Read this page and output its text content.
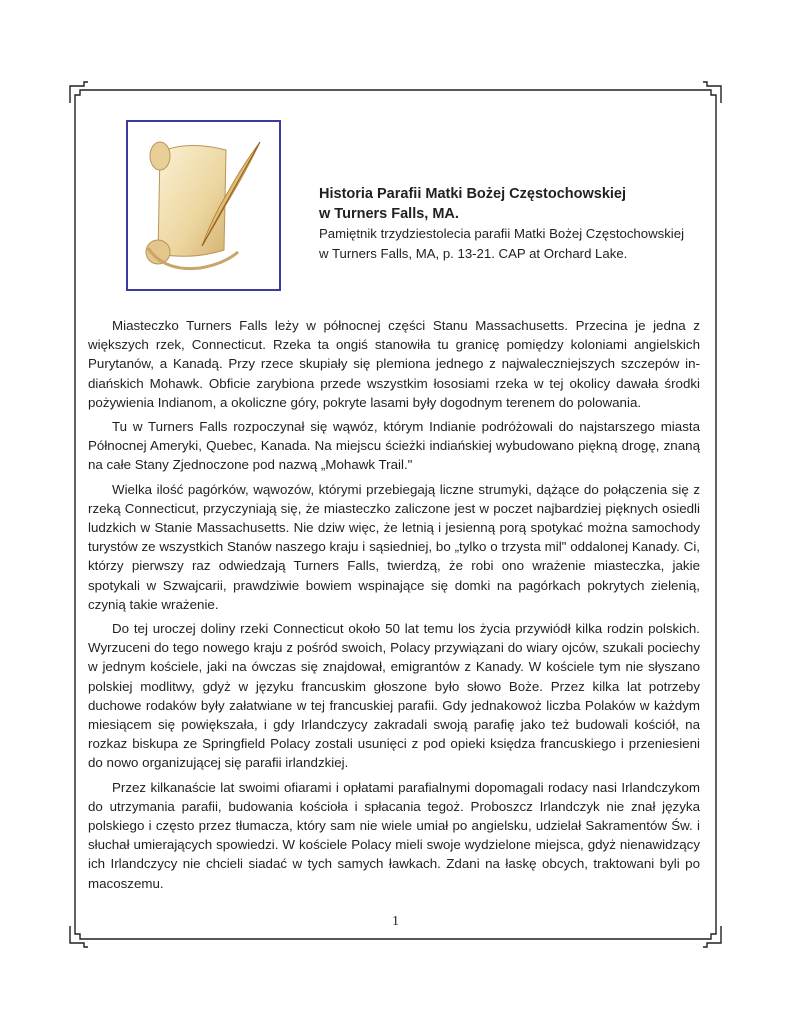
Historia Parafii Matki Bożej Częstochowskiej
w Turners Falls, MA.
Pamiętnik trzydziestolecia parafii Matki Bożej Częstochowskiej
w Turners Falls, MA, p. 13-21. CAP at Orchard Lake.

Miasteczko Turners Falls leży w północnej części Stanu Massachusetts. Przecina je jedna z większych rzek, Connecticut. Rzeka ta ongiś stanowiła tu granicę pomiędzy koloniami angielskich Purytanów, a Kanadą. Przy rzece skupiały się plemiona jednego z najwaleczniejszych szczepów indiańskich Mohawk. Obficie zarybiona przede wszystkim łososiami rzeka w tej okolicy dawała środki pożywienia Indianom, a okoliczne góry, pokryte lasami były dogodnym terenem do polowania.

Tu w Turners Falls rozpoczynał się wąwóz, którym Indianie podróżowali do najstarszego miasta Północnej Ameryki, Quebec, Kanada. Na miejscu ścieżki indiańskiej wybudowano piękną drogę, znaną na całe Stany Zjednoczone pod nazwą „Mohawk Trail."

Wielka ilość pagórków, wąwozów, którymi przebiegają liczne strumyki, dążące do połączenia się z rzeką Connecticut, przyczyniają się, że miasteczko zaliczone jest w poczet najbardziej pięknych osiedli ludzkich w Stanie Massachusetts. Nie dziw więc, że letnią i jesienną porą spotykać można samochody turystów ze wszystkich Stanów naszego kraju i sąsiedniej, bo „tylko o trzysta mil" oddalonej Kanady. Ci, którzy pierwszy raz odwiedzają Turners Falls, twierdzą, że robi ono wrażenie miasteczka, jakie spotykali w Szwajcarii, prawdziwie bowiem wspinające się domki na pagórkach pokrytych zielenią, czynią takie wrażenie.

Do tej uroczej doliny rzeki Connecticut około 50 lat temu los życia przywiódł kilka rodzin polskich. Wyrzuceni do tego nowego kraju z pośród swoich, Polacy przywiązani do wiary ojców, szukali pociechy w jednym kościele, jaki na ówczas się znajdował, emigrantów z Kanady. W kościele tym nie słyszano polskiej modlitwy, gdyż w języku francuskim głoszone było słowo Boże. Przez kilka lat potrzeby duchowe rodaków były załatwiane w tej francuskiej parafii. Gdy jednakowoż liczba Polaków w każdym miesiącem się powiększała, i gdy Irlandczycy zakradali swoją parafię jako też budowali kościół, na rozkaz biskupa ze Springfield Polacy zostali usunięci z pod opieki księdza francuskiego i przeniesieni do nowo organizującej się parafii irlandzkiej.

Przez kilkanaście lat swoimi ofiarami i opłatami parafialnymi dopomagali rodacy nasi Irlandczykom do utrzymania parafii, budowania kościoła i spłacania tegoż. Proboszcz Irlandczyk nie znał języka polskiego i często przez tłumacza, który sam nie wiele umiał po angielsku, udzielał Sakramentów Św. i słuchał umierających spowiedzi. W kościele Polacy mieli swoje wydzielone miejsca, gdyż nienawidzący ich Irlandczycy nie chcieli siadać w tych samych ławkach. Zdani na łaskę obcych, traktowani byli po macoszemu.

1
